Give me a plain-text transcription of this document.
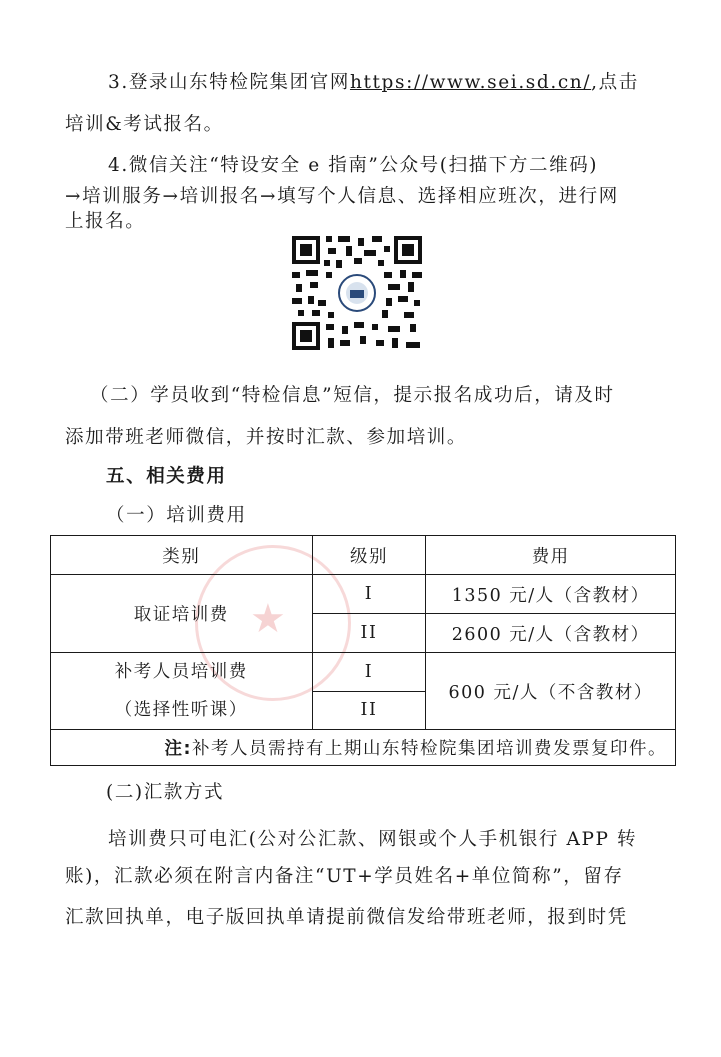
3.登录山东特检院集团官网https://www.sei.sd.cn/,点击
培训&考试报名。
4.微信关注“特设安全 e 指南”公众号(扫描下方二维码)
→培训服务→培训报名→填写个人信息、选择相应班次，进行网
上报名。
（二）学员收到“特检信息”短信，提示报名成功后，请及时
添加带班老师微信，并按时汇款、参加培训。
五、相关费用
（一）培训费用
★
类别	级别	费用
取证培训费	I	1350 元/人（含教材）
	II	2600 元/人（含教材）

补考人员培训费
（选择性听课）	I	600 元/人（不含教材）
	II	
注:补考人员需持有上期山东特检院集团培训费发票复印件。		
(二)汇款方式
培训费只可电汇(公对公汇款、网银或个人手机银行 APP 转
账)，汇款必须在附言内备注“UT+学员姓名+单位简称”，留存
汇款回执单，电子版回执单请提前微信发给带班老师，报到时凭
